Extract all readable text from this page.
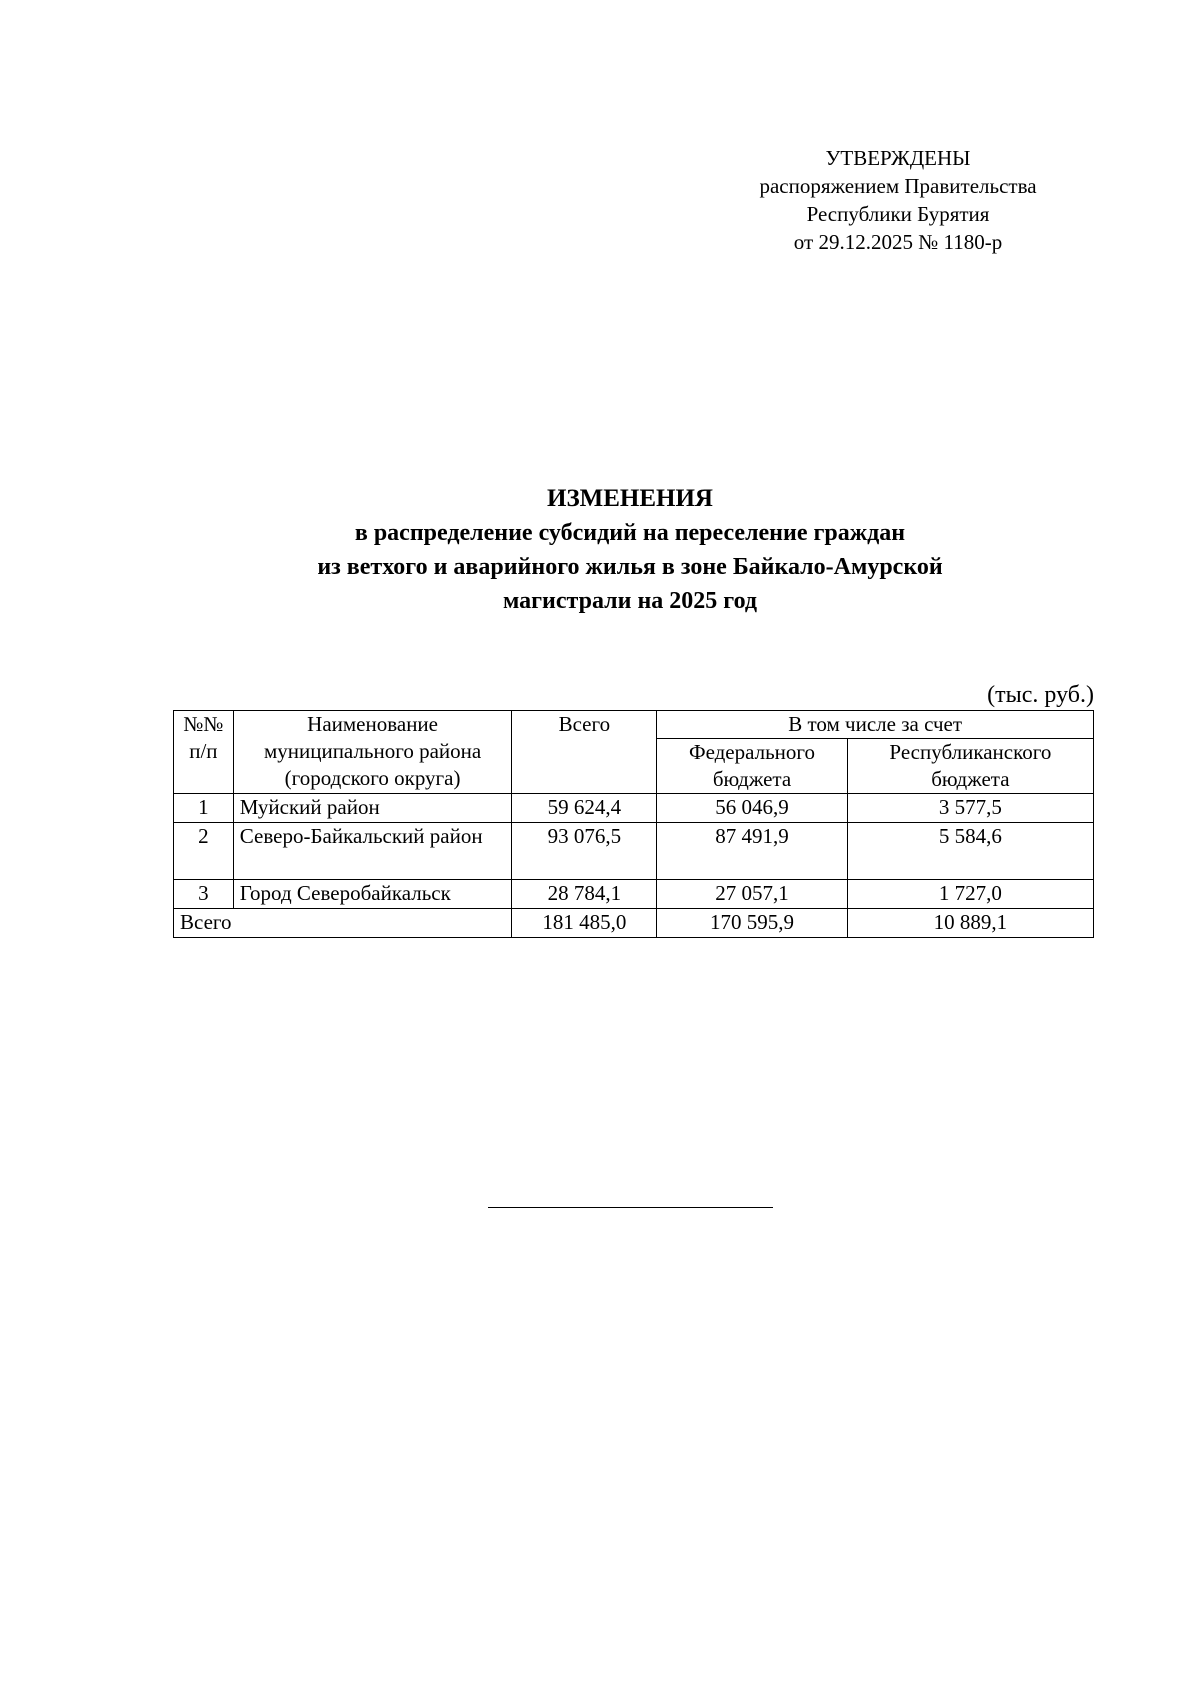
УТВЕРЖДЕНЫ
распоряжением Правительства
Республики Бурятия
от 29.12.2025 № 1180-р
ИЗМЕНЕНИЯ
в распределение субсидий на переселение граждан
из ветхого и аварийного жилья в зоне Байкало-Амурской
магистрали на 2025 год
(тыс. руб.)
№№ п/п	Наименование муниципального района (городского округа)	Всего	В том числе за счет	
			Федерального бюджета	Республиканского бюджета
1	Муйский район	59 624,4	56 046,9	3 577,5
2	Северо-Байкальский район	93 076,5	87 491,9	5 584,6
3	Город Северобайкальск	28 784,1	27 057,1	1 727,0
Всего		181 485,0	170 595,9	10 889,1
